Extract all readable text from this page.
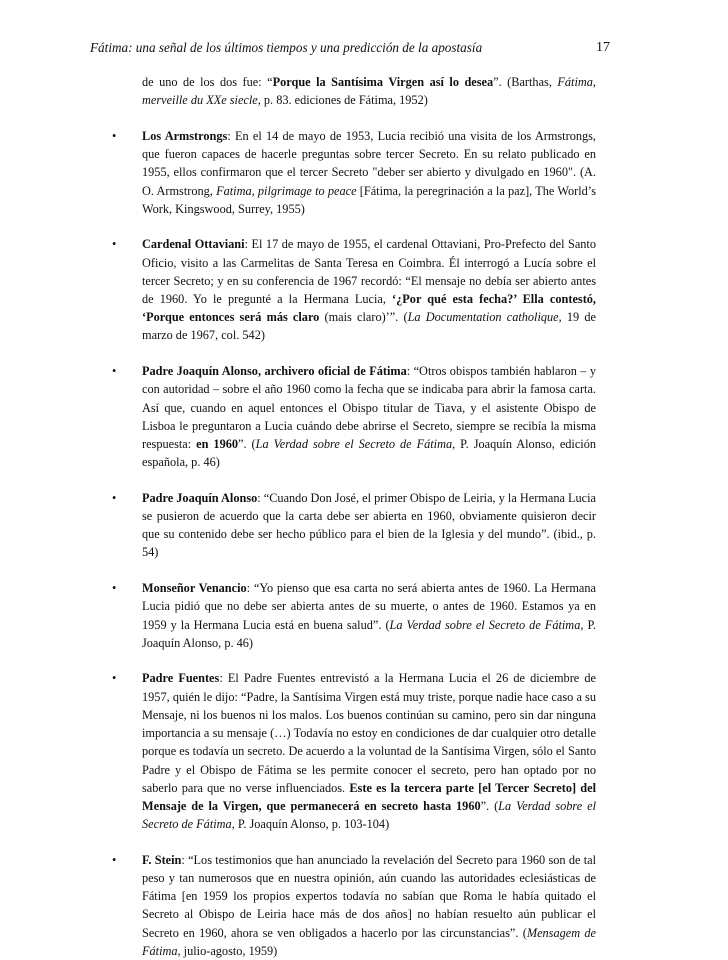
Fátima: una señal de los últimos tiempos y una predicción de la apostasía	17

de uno de los dos fue: “Porque la Santísima Virgen así lo desea”. (Barthas, Fátima, merveille du XXe siecle, p. 83. ediciones de Fátima, 1952)

•	Los Armstrongs: En el 14 de mayo de 1953, Lucia recibió una visita de los Armstrongs, que fueron capaces de hacerle preguntas sobre tercer Secreto. En su relato publicado en 1955, ellos confirmaron que el tercer Secreto "deber ser abierto y divulgado en 1960". (A. O. Armstrong, Fatima, pilgrimage to peace [Fátima, la peregrinación a la paz], The World’s Work, Kingswood, Surrey, 1955)
•	Cardenal Ottaviani: El 17 de mayo de 1955, el cardenal Ottaviani, Pro-Prefecto del Santo Oficio, visito a las Carmelitas de Santa Teresa en Coimbra. Él interrogó a Lucía sobre el tercer Secreto; y en su conferencia de 1967 recordó: “El mensaje no debía ser abierto antes de 1960. Yo le pregunté a la Hermana Lucia, ‘¿Por qué esta fecha?’ Ella contestó, ‘Porque entonces será más claro (mais claro)’”. (La Documentation catholique, 19 de marzo de 1967, col. 542)
•	Padre Joaquín Alonso, archivero oficial de Fátima: “Otros obispos también hablaron – y con autoridad – sobre el año 1960 como la fecha que se indicaba para abrir la famosa carta. Así que, cuando en aquel entonces el Obispo titular de Tiava, y el asistente Obispo de Lisboa le preguntaron a Lucia cuándo debe abrirse el Secreto, siempre se recibía la misma respuesta: en 1960”. (La Verdad sobre el Secreto de Fátima, P. Joaquín Alonso, edición española, p. 46)
•	Padre Joaquín Alonso: “Cuando Don José, el primer Obispo de Leiria, y la Hermana Lucia se pusieron de acuerdo que la carta debe ser abierta en 1960, obviamente quisieron decir que su contenido debe ser hecho público para el bien de la Iglesia y del mundo”. (ibid., p. 54)
•	Monseñor Venancio: “Yo pienso que esa carta no será abierta antes de 1960. La Hermana Lucia pidió que no debe ser abierta antes de su muerte, o antes de 1960. Estamos ya en 1959 y la Hermana Lucia está en buena salud”. (La Verdad sobre el Secreto de Fátima, P. Joaquín Alonso, p. 46)
•	Padre Fuentes: El Padre Fuentes entrevistó a la Hermana Lucia el 26 de diciembre de 1957, quién le dijo: “Padre, la Santísima Virgen está muy triste, porque nadie hace caso a su Mensaje, ni los buenos ni los malos. Los buenos continúan su camino, pero sin dar ninguna importancia a su mensaje (…) Todavía no estoy en condiciones de dar cualquier otro detalle porque es todavía un secreto. De acuerdo a la voluntad de la Santísima Virgen, sólo el Santo Padre y el Obispo de Fátima se les permite conocer el secreto, pero han optado por no saberlo para que no verse influenciados. Este es la tercera parte [el Tercer Secreto] del Mensaje de la Virgen, que permanecerá en secreto hasta 1960”. (La Verdad sobre el Secreto de Fátima, P. Joaquín Alonso, p. 103-104)
•	F. Stein: “Los testimonios que han anunciado la revelación del Secreto para 1960 son de tal peso y tan numerosos que en nuestra opinión, aún cuando las autoridades eclesiásticas de Fátima [en 1959 los propios expertos todavía no sabían que Roma le había quitado el Secreto al Obispo de Leiria hace más de dos años] no habían resuelto aún publicar el Secreto en 1960, ahora se ven obligados a hacerlo por las circunstancias”. (Mensagem de Fátima, julio-agosto, 1959)
